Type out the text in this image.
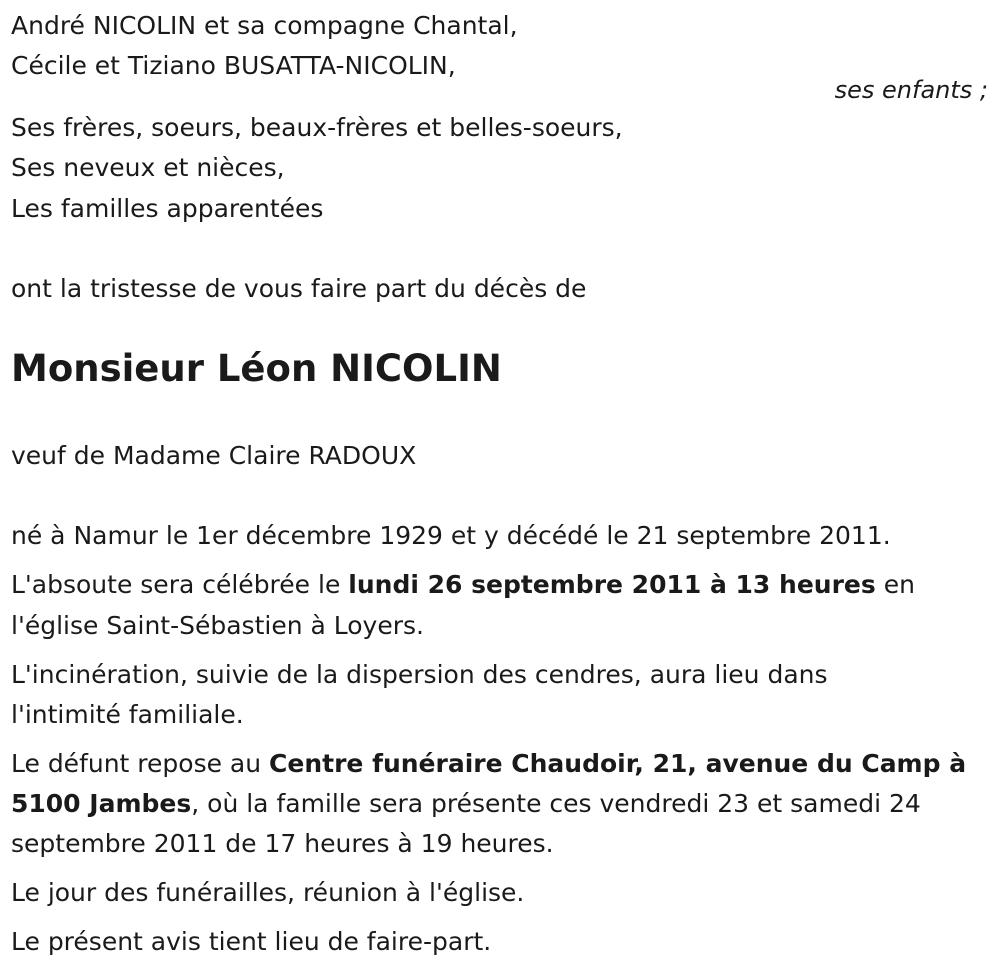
André NICOLIN et sa compagne Chantal,

Cécile et Tiziano BUSATTA-NICOLIN,

ses enfants ;

Ses frères, soeurs, beaux-frères et belles-soeurs,

Ses neveux et nièces,

Les familles apparentées

ont la tristesse de vous faire part du décès de

Monsieur Léon NICOLIN

veuf de Madame Claire RADOUX

né à Namur le 1er décembre 1929 et y décédé le 21 septembre 2011.

L'absoute sera célébrée le lundi 26 septembre 2011 à 13 heures en

l'église Saint-Sébastien à Loyers.

L'incinération, suivie de la dispersion des cendres, aura lieu dans

l'intimité familiale.

Le défunt repose au Centre funéraire Chaudoir, 21, avenue du Camp à

5100 Jambes, où la famille sera présente ces vendredi 23 et samedi 24

septembre 2011 de 17 heures à 19 heures.

Le jour des funérailles, réunion à l'église.

Le présent avis tient lieu de faire-part.
